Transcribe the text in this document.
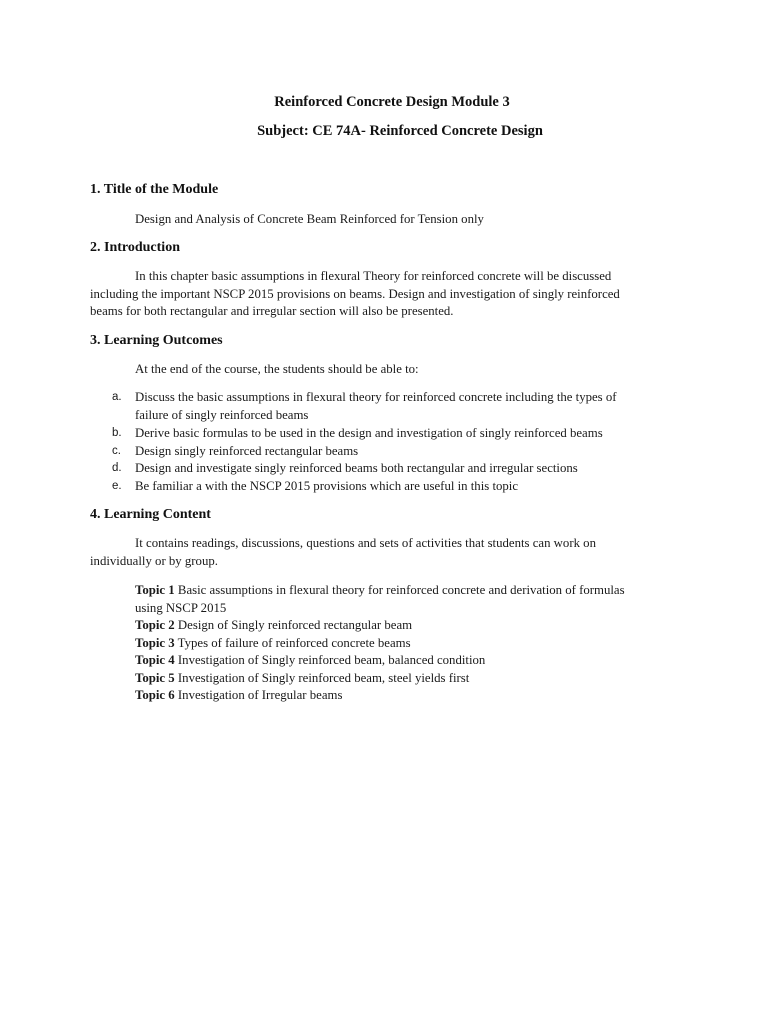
Reinforced Concrete Design Module 3
Subject: CE 74A- Reinforced Concrete Design
1. Title of the Module
Design and Analysis of Concrete Beam Reinforced for Tension only
2. Introduction
In this chapter basic assumptions in flexural Theory for reinforced concrete will be discussed
including the important NSCP 2015 provisions on beams. Design and investigation of singly reinforced
beams for both rectangular and irregular section will also be presented.
3. Learning Outcomes
At the end of the course, the students should be able to:
a.	Discuss the basic assumptions in flexural theory for reinforced concrete including the types of
failure of singly reinforced beams
b.	Derive basic formulas to be used in the design and investigation of singly reinforced beams
c.	Design singly reinforced rectangular beams
d.	Design and investigate singly reinforced beams both rectangular and irregular sections
e.	Be familiar a with the NSCP 2015 provisions which are useful in this topic
4. Learning Content
It contains readings, discussions, questions and sets of activities that students can work on
individually or by group.
Topic 1 Basic assumptions in flexural theory for reinforced concrete and derivation of formulas
using NSCP 2015
Topic 2 Design of Singly reinforced rectangular beam
Topic 3 Types of failure of reinforced concrete beams
Topic 4 Investigation of Singly reinforced beam, balanced condition
Topic 5 Investigation of Singly reinforced beam, steel yields first
Topic 6 Investigation of Irregular beams
